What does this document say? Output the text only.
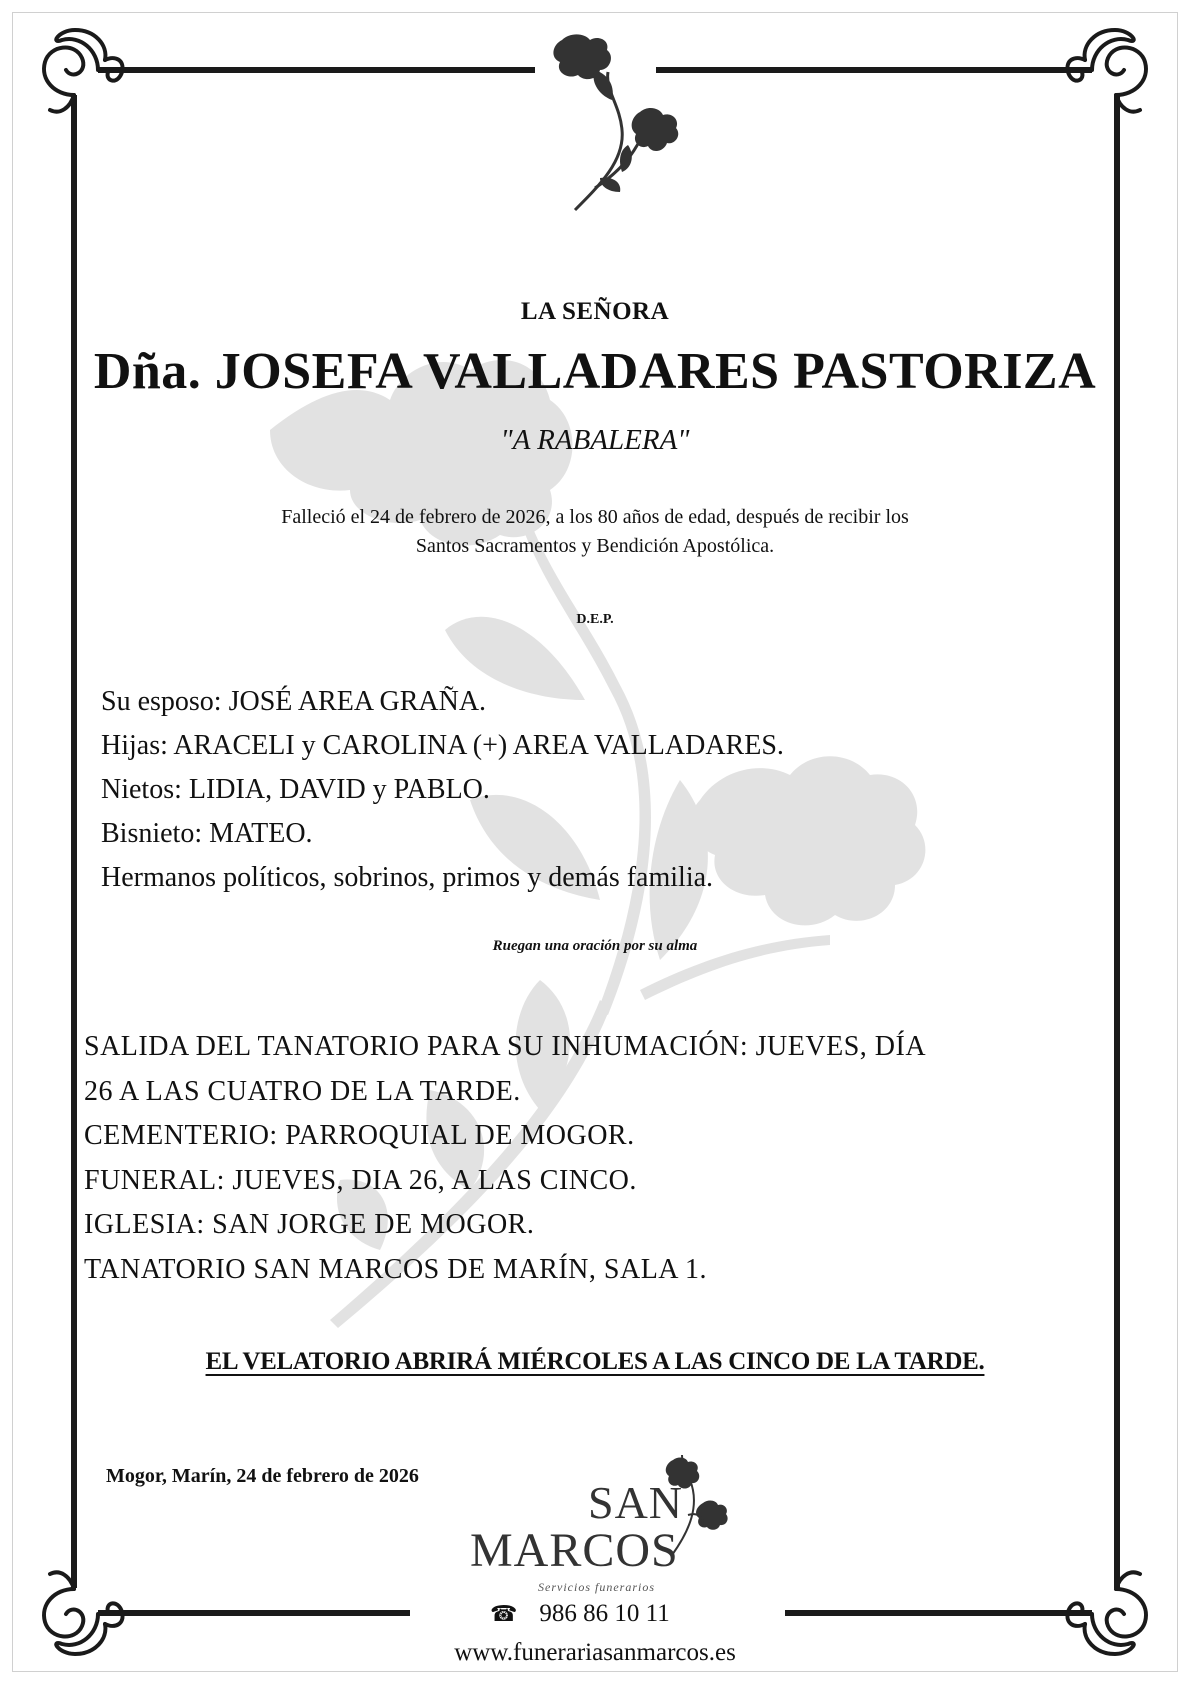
LA SEÑORA
Dña. JOSEFA VALLADARES PASTORIZA
"A RABALERA"
Falleció el 24 de febrero de 2026, a los 80 años de edad, después de recibir los
Santos Sacramentos y Bendición Apostólica.
D.E.P.
Su esposo: JOSÉ AREA GRAÑA.
Hijas: ARACELI y CAROLINA (+) AREA VALLADARES.
Nietos: LIDIA, DAVID y PABLO.
Bisnieto: MATEO.
Hermanos políticos, sobrinos, primos y demás familia.
Ruegan una oración por su alma
SALIDA DEL TANATORIO PARA SU INHUMACIÓN: JUEVES, DÍA
26 A LAS CUATRO DE LA TARDE.
CEMENTERIO: PARROQUIAL DE MOGOR.
FUNERAL: JUEVES, DIA 26, A LAS CINCO.
IGLESIA: SAN JORGE DE MOGOR.
TANATORIO SAN MARCOS DE MARÍN, SALA 1.
EL VELATORIO ABRIRÁ MIÉRCOLES A LAS CINCO DE LA TARDE.
Mogor, Marín, 24 de febrero de 2026
SAN
MARCOS
Servicios funerarios
☎ 986 86 10 11
www.funerariasanmarcos.es
